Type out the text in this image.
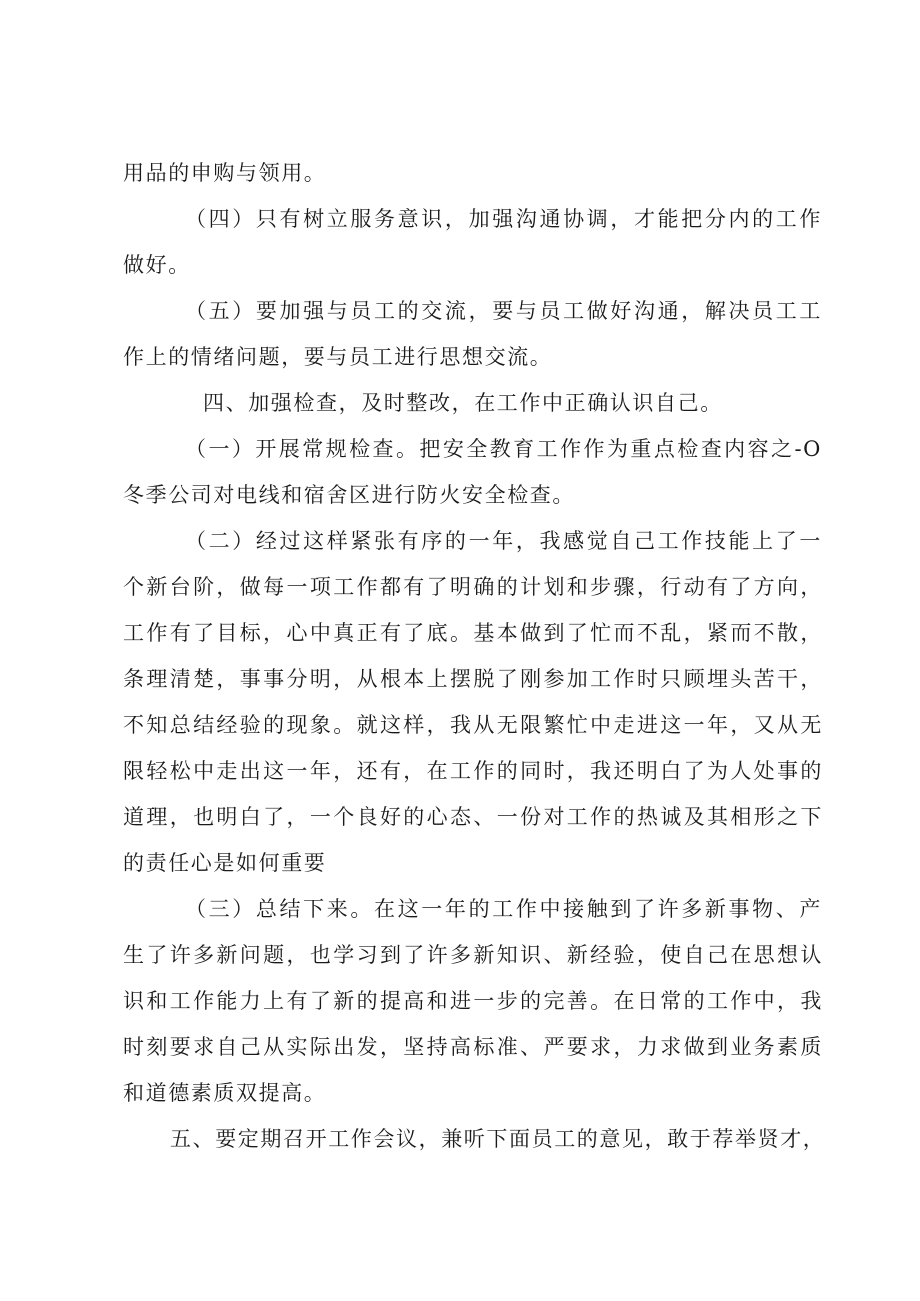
用品的申购与领用。
（四）只有树立服务意识，加强沟通协调，才能把分内的工作
做好。
（五）要加强与员工的交流，要与员工做好沟通，解决员工工
作上的情绪问题，要与员工进行思想交流。
四、加强检查，及时整改，在工作中正确认识自己。
（一）开展常规检查。把安全教育工作作为重点检查内容之-O
冬季公司对电线和宿舍区进行防火安全检查。
（二）经过这样紧张有序的一年，我感觉自己工作技能上了一
个新台阶，做每一项工作都有了明确的计划和步骤，行动有了方向，
工作有了目标，心中真正有了底。基本做到了忙而不乱，紧而不散，
条理清楚，事事分明，从根本上摆脱了刚参加工作时只顾埋头苦干，
不知总结经验的现象。就这样，我从无限繁忙中走进这一年，又从无
限轻松中走出这一年，还有，在工作的同时，我还明白了为人处事的
道理，也明白了，一个良好的心态、一份对工作的热诚及其相形之下
的责任心是如何重要
（三）总结下来。在这一年的工作中接触到了许多新事物、产
生了许多新问题，也学习到了许多新知识、新经验，使自己在思想认
识和工作能力上有了新的提高和进一步的完善。在日常的工作中，我
时刻要求自己从实际出发，坚持高标准、严要求，力求做到业务素质
和道德素质双提高。
五、要定期召开工作会议，兼听下面员工的意见，敢于荐举贤才，
